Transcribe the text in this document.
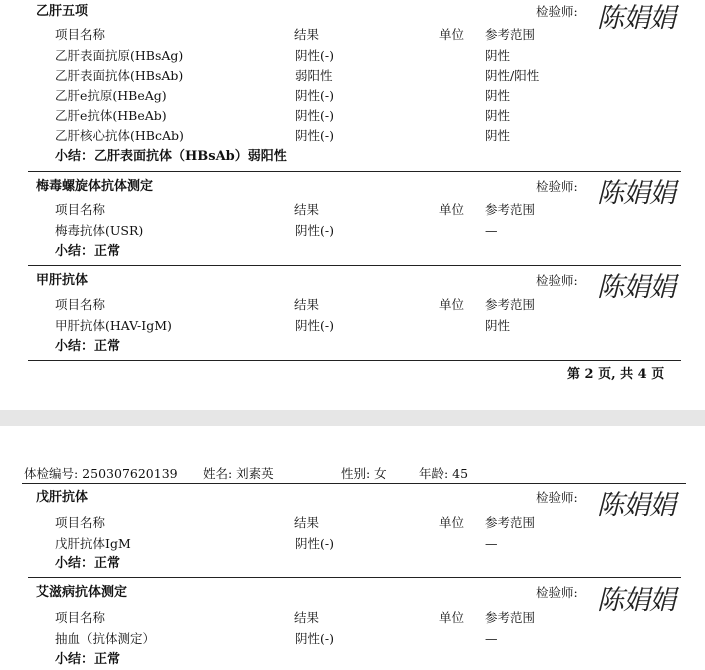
乙肝五项	检验师: 陈娟娟
项目名称	结果	单位 参考范围
乙肝表面抗原(HBsAg)	阴性(-)	阴性
乙肝表面抗体(HBsAb)	弱阳性	阴性/阳性
乙肝e抗原(HBeAg)	阴性(-)	阴性
乙肝e抗体(HBeAb)	阴性(-)	阴性
乙肝核心抗体(HBcAb)	阴性(-)	阴性
小结：乙肝表面抗体（HBsAb）弱阳性
梅毒螺旋体抗体测定	检验师: 陈娟娟
项目名称	结果	单位 参考范围
梅毒抗体(USR)	阴性(-)	—
小结：正常
甲肝抗体	检验师: 陈娟娟
项目名称	结果	单位 参考范围
甲肝抗体(HAV-IgM)	阴性(-)	阴性
小结：正常
第 2 页, 共 4 页
体检编号: 250307620139 姓名: 刘素英	性别: 女	年龄: 45
戊肝抗体	检验师: 陈娟娟
项目名称	结果	单位 参考范围
戊肝抗体IgM	阴性(-)	—
小结：正常
艾滋病抗体测定	检验师: 陈娟娟
项目名称	结果	单位 参考范围
抽血（抗体测定）	阴性(-)	—
小结：正常
